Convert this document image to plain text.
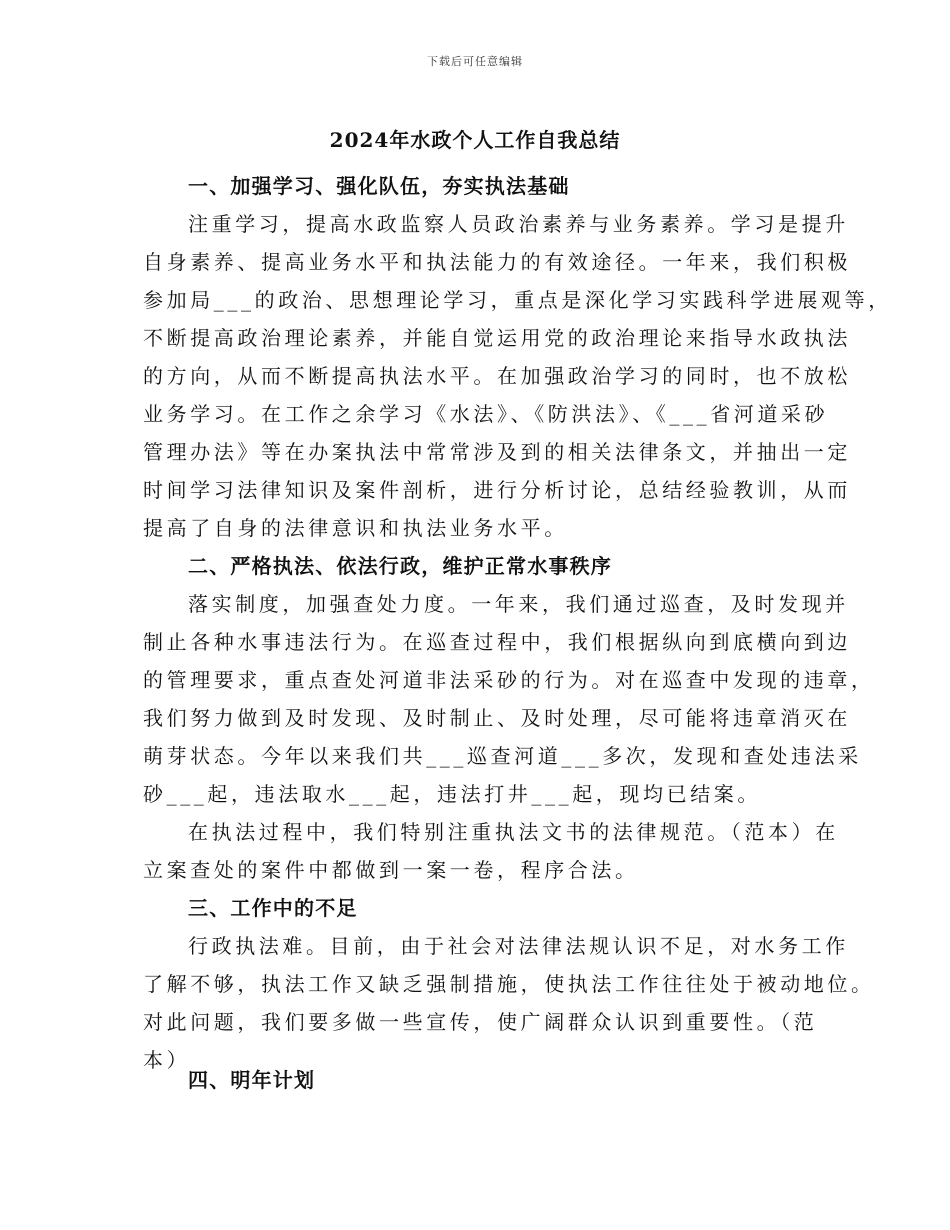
下载后可任意编辑
2024年水政个人工作自我总结
一、加强学习、强化队伍，夯实执法基础
注重学习，提高水政监察人员政治素养与业务素养。学习是提升
自身素养、提高业务水平和执法能力的有效途径。一年来，我们积极
参加局___的政治、思想理论学习，重点是深化学习实践科学进展观等，
不断提高政治理论素养，并能自觉运用党的政治理论来指导水政执法
的方向，从而不断提高执法水平。在加强政治学习的同时，也不放松
业务学习。在工作之余学习《水法》、《防洪法》、《___省河道采砂
管理办法》等在办案执法中常常涉及到的相关法律条文，并抽出一定
时间学习法律知识及案件剖析，进行分析讨论，总结经验教训，从而
提高了自身的法律意识和执法业务水平。
二、严格执法、依法行政，维护正常水事秩序
落实制度，加强查处力度。一年来，我们通过巡查，及时发现并
制止各种水事违法行为。在巡查过程中，我们根据纵向到底横向到边
的管理要求，重点查处河道非法采砂的行为。对在巡查中发现的违章，
我们努力做到及时发现、及时制止、及时处理，尽可能将违章消灭在
萌芽状态。今年以来我们共___巡查河道___多次，发现和查处违法采
砂___起，违法取水___起，违法打井___起，现均已结案。
在执法过程中，我们特别注重执法文书的法律规范。（范本）在
立案查处的案件中都做到一案一卷，程序合法。
三、工作中的不足
行政执法难。目前，由于社会对法律法规认识不足，对水务工作
了解不够，执法工作又缺乏强制措施，使执法工作往往处于被动地位。
对此问题，我们要多做一些宣传，使广阔群众认识到重要性。（范
本）
四、明年计划
